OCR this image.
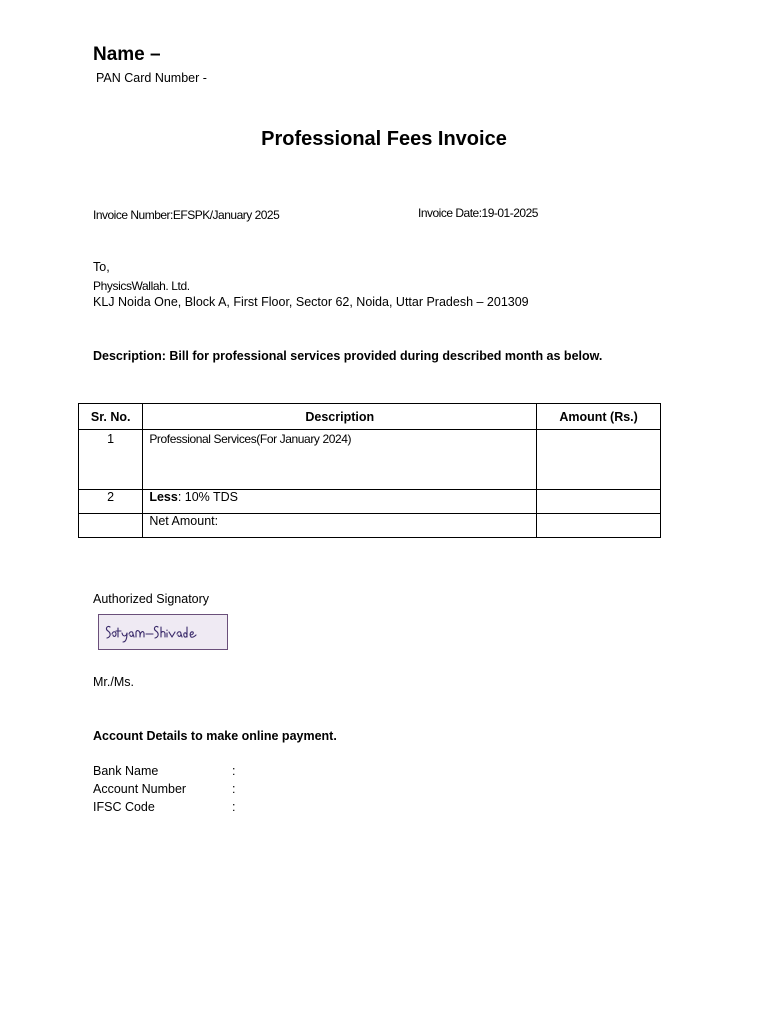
Name –
PAN Card Number -
Professional Fees Invoice
Invoice Number:EFSPK/January 2025	Invoice Date:19-01-2025
To,
PhysicsWallah. Ltd.
KLJ Noida One, Block A, First Floor, Sector 62, Noida, Uttar Pradesh – 201309
Description: Bill for professional services provided during described month as below.
Sr. No.	Description	Amount (Rs.)
1	Professional Services(For January 2024)	
2	Less: 10% TDS	
	Net Amount:	
Authorized Signatory
Mr./Ms.
Account Details to make online payment.
Bank Name	:
Account Number	:
IFSC Code	:
